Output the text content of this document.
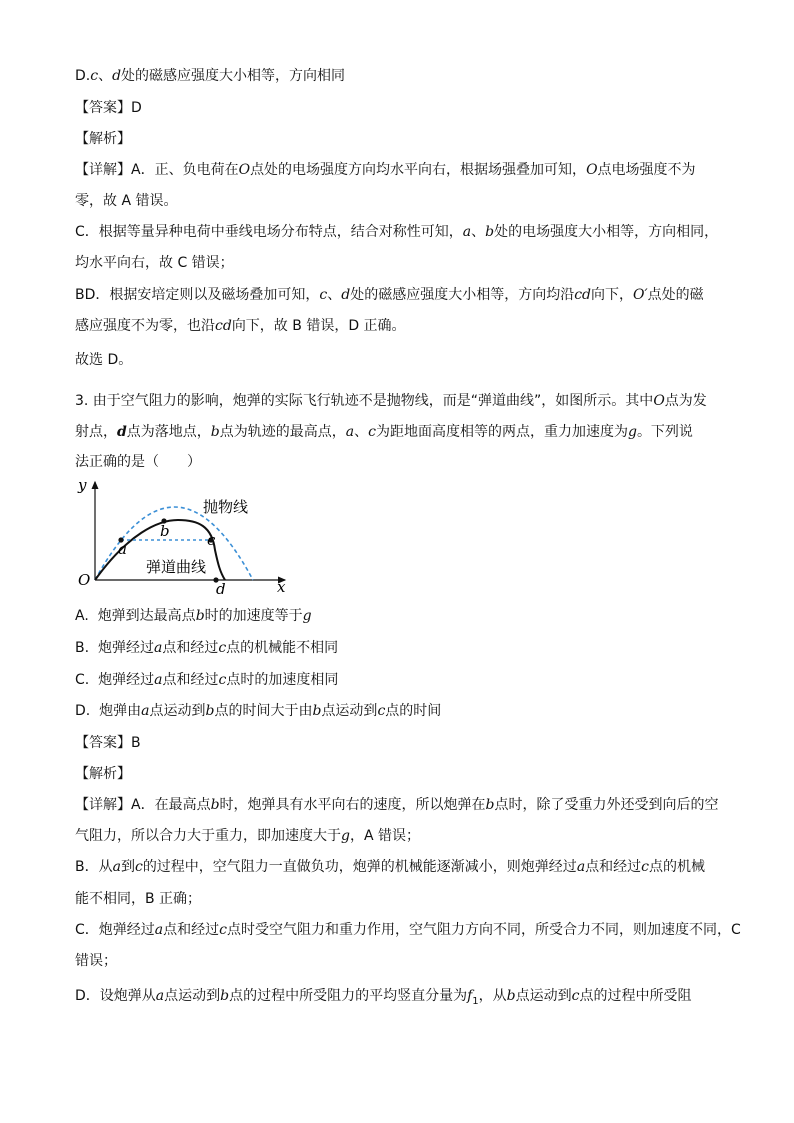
D.c、d处的磁感应强度大小相等，方向相同
【答案】D
【解析】
【详解】A．正、负电荷在O点处的电场强度方向均水平向右，根据场强叠加可知，O点电场强度不为
零，故 A 错误。
C．根据等量异种电荷中垂线电场分布特点，结合对称性可知，a、b处的电场强度大小相等，方向相同，
均水平向右，故 C 错误；
BD．根据安培定则以及磁场叠加可知，c、d处的磁感应强度大小相等，方向均沿cd向下，O′点处的磁
感应强度不为零，也沿cd向下，故 B 错误，D 正确。
故选 D。
3. 由于空气阻力的影响，炮弹的实际飞行轨迹不是抛物线，而是“弹道曲线”，如图所示。其中O点为发
射点，d点为落地点，b点为轨迹的最高点，a、c为距地面高度相等的两点，重力加速度为g。下列说
法正确的是（　　）
y
x
O
抛物线
弹道曲线
a
b c
d
A. 炮弹到达最高点b时的加速度等于g
B. 炮弹经过a点和经过c点的机械能不相同
C. 炮弹经过a点和经过c点时的加速度相同
D. 炮弹由a点运动到b点的时间大于由b点运动到c点的时间
【答案】B
【解析】
【详解】A．在最高点b时，炮弹具有水平向右的速度，所以炮弹在b点时，除了受重力外还受到向后的空
气阻力，所以合力大于重力，即加速度大于g，A 错误；
B．从a到c的过程中，空气阻力一直做负功，炮弹的机械能逐渐减小，则炮弹经过a点和经过c点的机械
能不相同，B 正确；
C．炮弹经过a点和经过c点时受空气阻力和重力作用，空气阻力方向不同，所受合力不同，则加速度不同，C
错误；
D．设炮弹从a点运动到b点的过程中所受阻力的平均竖直分量为$f_1$，从b点运动到c点的过程中所受阻
